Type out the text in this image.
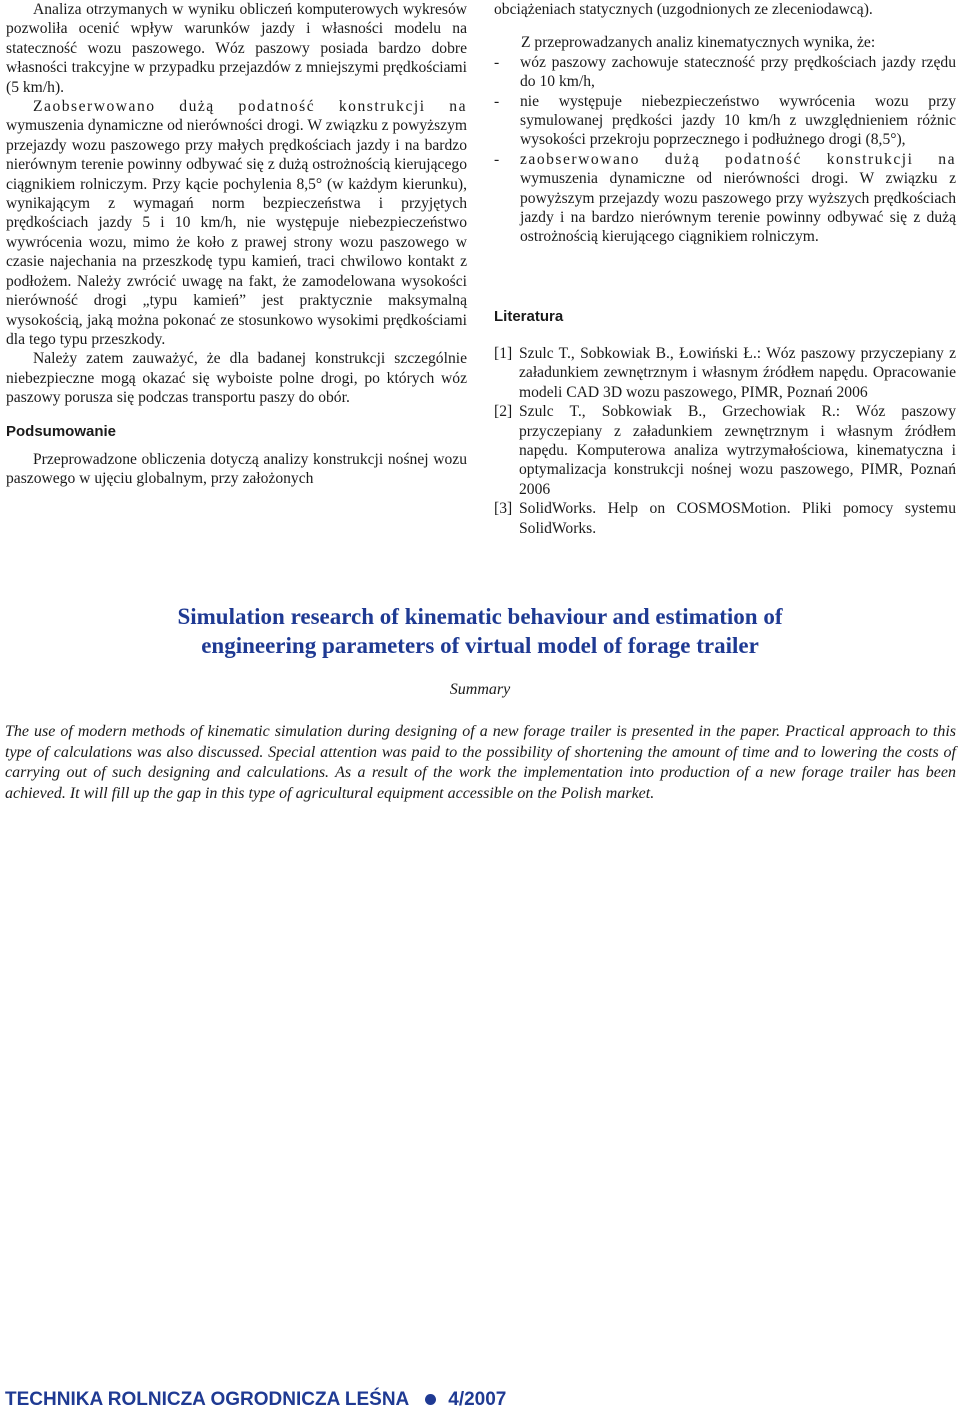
Analiza otrzymanych w wyniku obliczeń komputerowych wykresów pozwoliła ocenić wpływ warunków jazdy i własności modelu na stateczność wozu paszowego. Wóz paszowy posiada bardzo dobre własności trakcyjne w przypadku przejazdów z mniejszymi prędkościami (5 km/h).

Zaobserwowano dużą podatność konstrukcji na wymuszenia dynamiczne od nierówności drogi. W związku z powyższym przejazdy wozu paszowego przy małych prędkościach jazdy i na bardzo nierównym terenie powinny odbywać się z dużą ostrożnością kierującego ciągnikiem rolniczym. Przy kącie pochylenia 8,5° (w każdym kierunku), wynikającym z wymagań norm bezpieczeństwa i przyjętych prędkościach jazdy 5 i 10 km/h, nie występuje niebezpieczeństwo wywrócenia wozu, mimo że koło z prawej strony wozu paszowego w czasie najechania na przeszkodę typu kamień, traci chwilowo kontakt z podłożem. Należy zwrócić uwagę na fakt, że zamodelowana wysokości nierówność drogi „typu kamień” jest praktycznie maksymalną wysokością, jaką można pokonać ze stosunkowo wysokimi prędkościami dla tego typu przeszkody.

Należy zatem zauważyć, że dla badanej konstrukcji szczególnie niebezpieczne mogą okazać się wyboiste polne drogi, po których wóz paszowy porusza się podczas transportu paszy do obór.

Podsumowanie

Przeprowadzone obliczenia dotyczą analizy konstrukcji nośnej wozu paszowego w ujęciu globalnym, przy założonych

obciążeniach statycznych (uzgodnionych ze zleceniodawcą).

Z przeprowadzanych analiz kinematycznych wynika, że:

-	wóz paszowy zachowuje stateczność przy prędkościach jazdy rzędu do 10 km/h,
-	nie występuje niebezpieczeństwo wywrócenia wozu przy symulowanej prędkości jazdy 10 km/h z uwzględnieniem różnic wysokości przekroju poprzecznego i podłużnego drogi (8,5°),
-	zaobserwowano dużą podatność konstrukcji na wymuszenia dynamiczne od nierówności drogi. W związku z powyższym przejazdy wozu paszowego przy wyższych prędkościach jazdy i na bardzo nierównym terenie powinny odbywać się z dużą ostrożnością kierującego ciągnikiem rolniczym.
Literatura
[1] Szulc T., Sobkowiak B., Łowiński Ł.: Wóz paszowy przyczepiany z załadunkiem zewnętrznym i własnym źródłem napędu. Opracowanie modeli CAD 3D wozu paszowego, PIMR, Poznań 2006
[2] Szulc T., Sobkowiak B., Grzechowiak R.: Wóz paszowy przyczepiany z załadunkiem zewnętrznym i własnym źródłem napędu. Komputerowa analiza wytrzymałościowa, kinematyczna i optymalizacja konstrukcji nośnej wozu paszowego, PIMR, Poznań 2006
[3] SolidWorks. Help on COSMOSMotion. Pliki pomocy systemu SolidWorks.
Simulation research of kinematic behaviour and estimation of
engineering parameters of virtual model of forage trailer
Summary
The use of modern methods of kinematic simulation during designing of a new forage trailer is presented in the paper. Practical approach to this type of calculations was also discussed. Special attention was paid to the possibility of shortening the amount of time and to lowering the costs of carrying out of such designing and calculations. As a result of the work the implementation into production of a new forage trailer has been achieved. It will fill up the gap in this type of agricultural equipment accessible on the Polish market.
TECHNIKA ROLNICZA OGRODNICZA LEŚNA 4/2007
